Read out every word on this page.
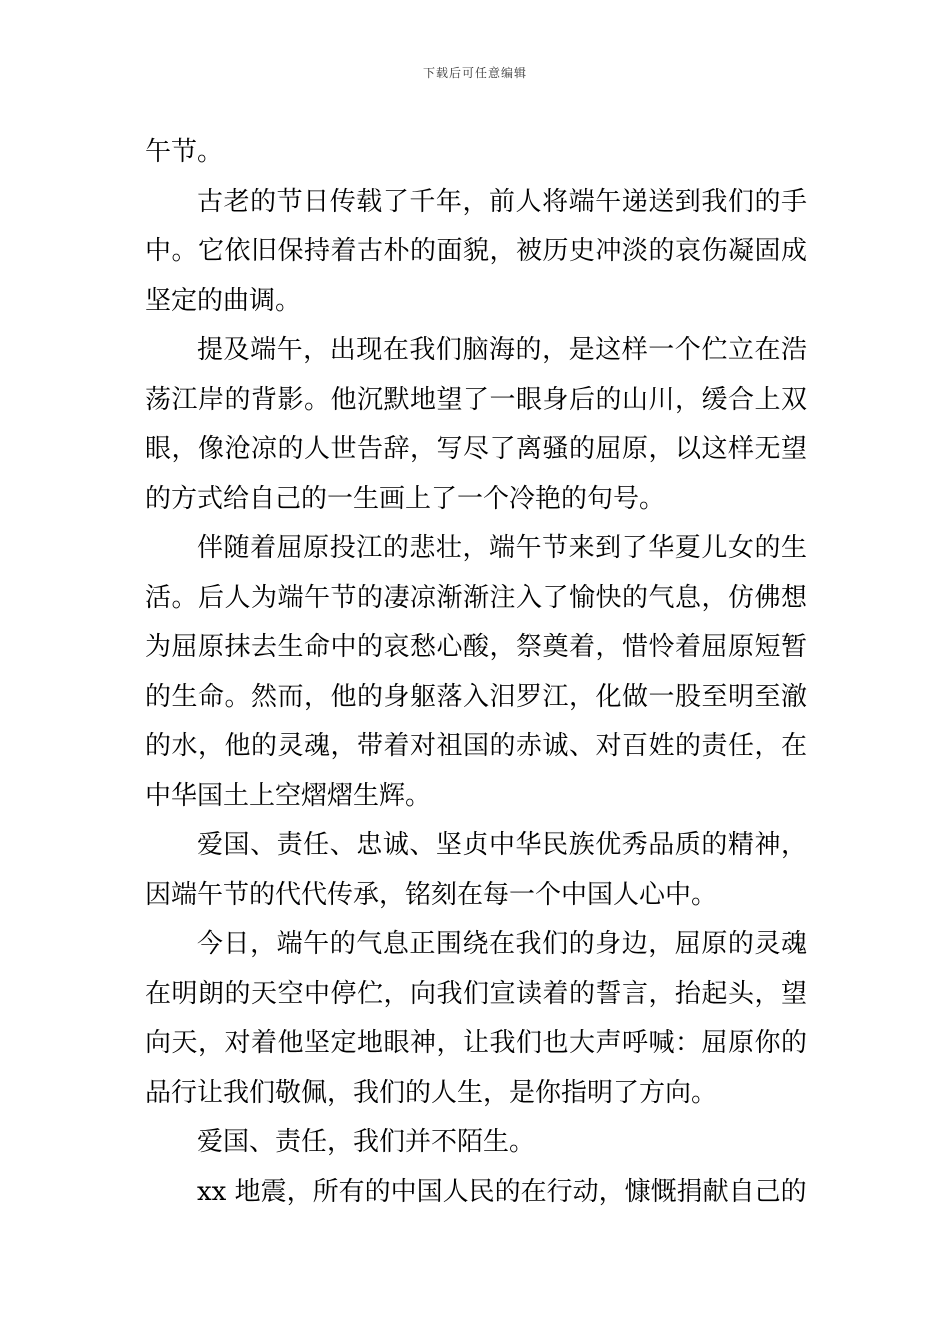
下载后可任意编辑

午节。

古老的节日传载了千年，前人将端午递送到我们的手中。它依旧保持着古朴的面貌，被历史冲淡的哀伤凝固成坚定的曲调。

提及端午，出现在我们脑海的，是这样一个伫立在浩荡江岸的背影。他沉默地望了一眼身后的山川，缓合上双眼，像沧凉的人世告辞，写尽了离骚的屈原，以这样无望的方式给自己的一生画上了一个冷艳的句号。

伴随着屈原投江的悲壮，端午节来到了华夏儿女的生活。后人为端午节的凄凉渐渐注入了愉快的气息，仿佛想为屈原抹去生命中的哀愁心酸，祭奠着，惜怜着屈原短暂的生命。然而，他的身躯落入汨罗江，化做一股至明至澈的水，他的灵魂，带着对祖国的赤诚、对百姓的责任，在中华国土上空熠熠生辉。

爱国、责任、忠诚、坚贞中华民族优秀品质的精神，因端午节的代代传承，铭刻在每一个中国人心中。

今日，端午的气息正围绕在我们的身边，屈原的灵魂在明朗的天空中停伫，向我们宣读着的誓言，抬起头，望向天，对着他坚定地眼神，让我们也大声呼喊：屈原你的品行让我们敬佩，我们的人生，是你指明了方向。

爱国、责任，我们并不陌生。

xx 地震，所有的中国人民的在行动，慷慨捐献自己的
